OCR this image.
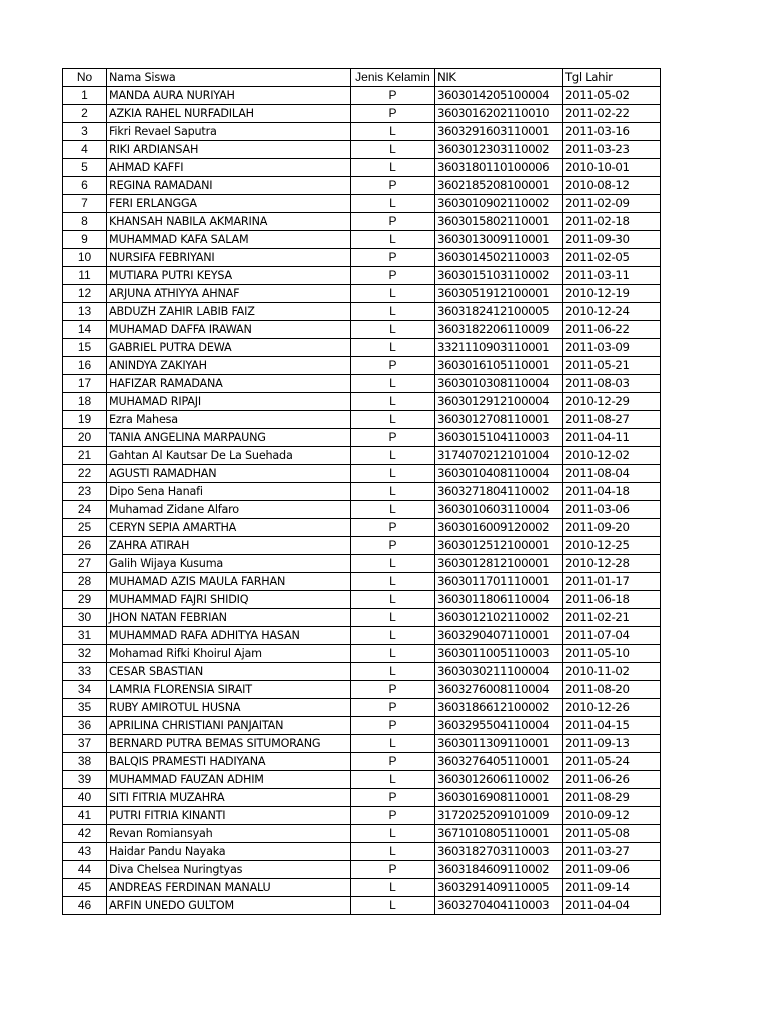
No	Nama Siswa	Jenis Kelamin	NIK	Tgl Lahir
1	MANDA AURA NURIYAH	P	3603014205100004	2011-05-02
2	AZKIA RAHEL NURFADILAH	P	3603016202110010	2011-02-22
3	Fikri Revael Saputra	L	3603291603110001	2011-03-16
4	RIKI ARDIANSAH	L	3603012303110002	2011-03-23
5	AHMAD KAFFI	L	3603180110100006	2010-10-01
6	REGINA RAMADANI	P	3602185208100001	2010-08-12
7	FERI ERLANGGA	L	3603010902110002	2011-02-09
8	KHANSAH NABILA AKMARINA	P	3603015802110001	2011-02-18
9	MUHAMMAD KAFA SALAM	L	3603013009110001	2011-09-30
10	NURSIFA FEBRIYANI	P	3603014502110003	2011-02-05
11	MUTIARA PUTRI KEYSA	P	3603015103110002	2011-03-11
12	ARJUNA ATHIYYA AHNAF	L	3603051912100001	2010-12-19
13	ABDUZH ZAHIR LABIB FAIZ	L	3603182412100005	2010-12-24
14	MUHAMAD DAFFA IRAWAN	L	3603182206110009	2011-06-22
15	GABRIEL PUTRA DEWA	L	3321110903110001	2011-03-09
16	ANINDYA ZAKIYAH	P	3603016105110001	2011-05-21
17	HAFIZAR RAMADANA	L	3603010308110004	2011-08-03
18	MUHAMAD RIPAJI	L	3603012912100004	2010-12-29
19	Ezra Mahesa	L	3603012708110001	2011-08-27
20	TANIA ANGELINA MARPAUNG	P	3603015104110003	2011-04-11
21	Gahtan Al Kautsar De La Suehada	L	3174070212101004	2010-12-02
22	AGUSTI RAMADHAN	L	3603010408110004	2011-08-04
23	Dipo Sena Hanafi	L	3603271804110002	2011-04-18
24	Muhamad Zidane Alfaro	L	3603010603110004	2011-03-06
25	CERYN SEPIA AMARTHA	P	3603016009120002	2011-09-20
26	ZAHRA ATIRAH	P	3603012512100001	2010-12-25
27	Galih Wijaya Kusuma	L	3603012812100001	2010-12-28
28	MUHAMAD AZIS MAULA FARHAN	L	3603011701110001	2011-01-17
29	MUHAMMAD FAJRI SHIDIQ	L	3603011806110004	2011-06-18
30	JHON NATAN FEBRIAN	L	3603012102110002	2011-02-21
31	MUHAMMAD RAFA ADHITYA HASAN	L	3603290407110001	2011-07-04
32	Mohamad Rifki Khoirul Ajam	L	3603011005110003	2011-05-10
33	CESAR SBASTIAN	L	3603030211100004	2010-11-02
34	LAMRIA FLORENSIA SIRAIT	P	3603276008110004	2011-08-20
35	RUBY AMIROTUL HUSNA	P	3603186612100002	2010-12-26
36	APRILINA CHRISTIANI PANJAITAN	P	3603295504110004	2011-04-15
37	BERNARD PUTRA BEMAS SITUMORANG	L	3603011309110001	2011-09-13
38	BALQIS PRAMESTI HADIYANA	P	3603276405110001	2011-05-24
39	MUHAMMAD FAUZAN ADHIM	L	3603012606110002	2011-06-26
40	SITI FITRIA MUZAHRA	P	3603016908110001	2011-08-29
41	PUTRI FITRIA KINANTI	P	3172025209101009	2010-09-12
42	Revan Romiansyah	L	3671010805110001	2011-05-08
43	Haidar Pandu Nayaka	L	3603182703110003	2011-03-27
44	Diva Chelsea Nuringtyas	P	3603184609110002	2011-09-06
45	ANDREAS FERDINAN MANALU	L	3603291409110005	2011-09-14
46	ARFIN UNEDO GULTOM	L	3603270404110003	2011-04-04
